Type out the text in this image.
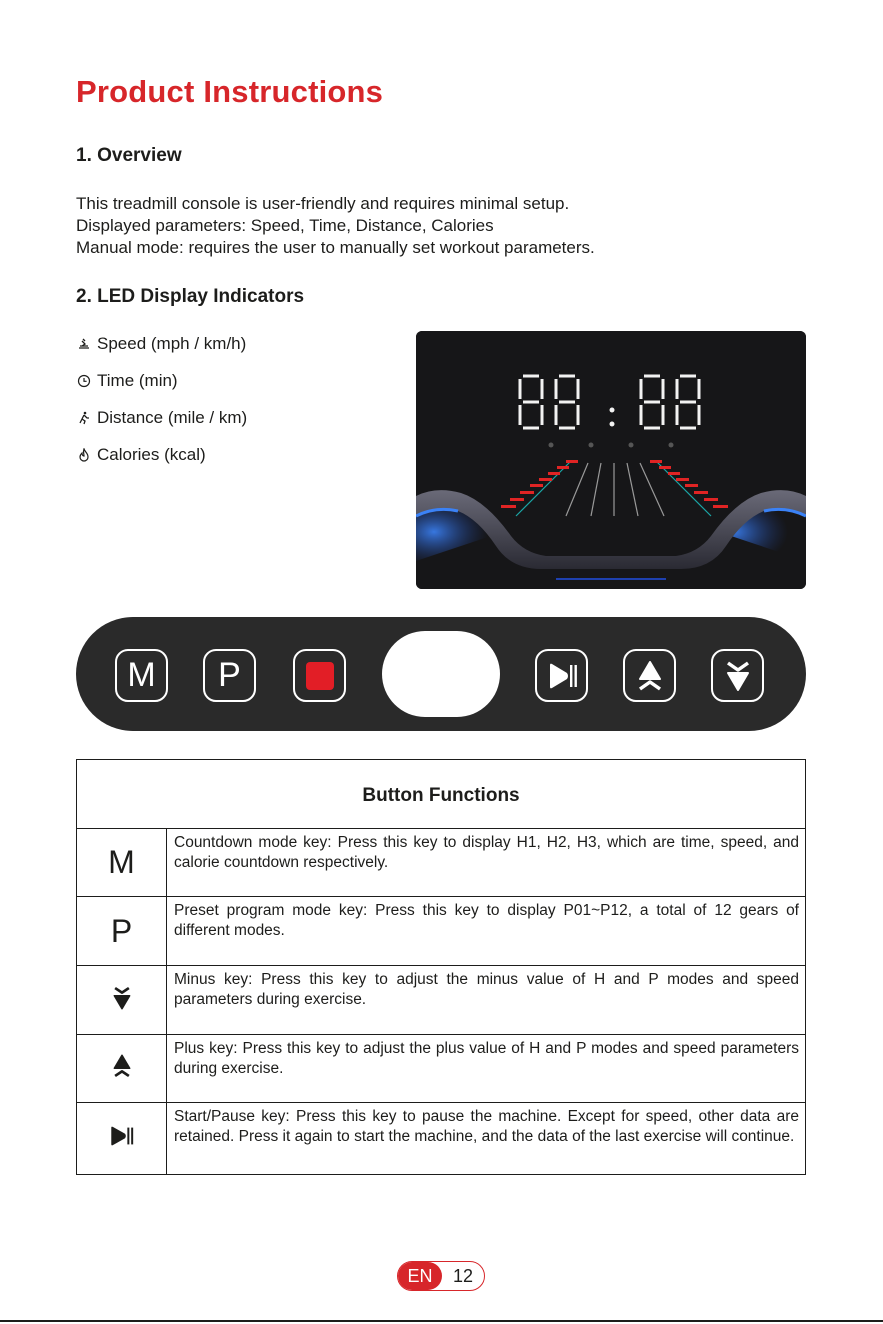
Product Instructions
1. Overview
This treadmill console is user-friendly and requires minimal setup.
Displayed parameters: Speed, Time, Distance, Calories
Manual mode: requires the user to manually set workout parameters.
2. LED Display Indicators
Speed (mph / km/h)
Time (min)
Distance (mile / km)
Calories (kcal)
M P
Button Functions	
M	Countdown mode key: Press this key to display H1, H2, H3, which are time, speed, and calorie countdown respectively.
P	Preset program mode key: Press this key to display P01~P12, a total of 12 gears of different modes.
	Minus key: Press this key to adjust the minus value of H and P modes and speed parameters during exercise.
	Plus key: Press this key to adjust the plus value of H and P modes and speed parameters during exercise.
	Start/Pause key: Press this key to pause the machine. Except for speed, other data are retained. Press it again to start the machine, and the data of the last exercise will continue.
EN	12
